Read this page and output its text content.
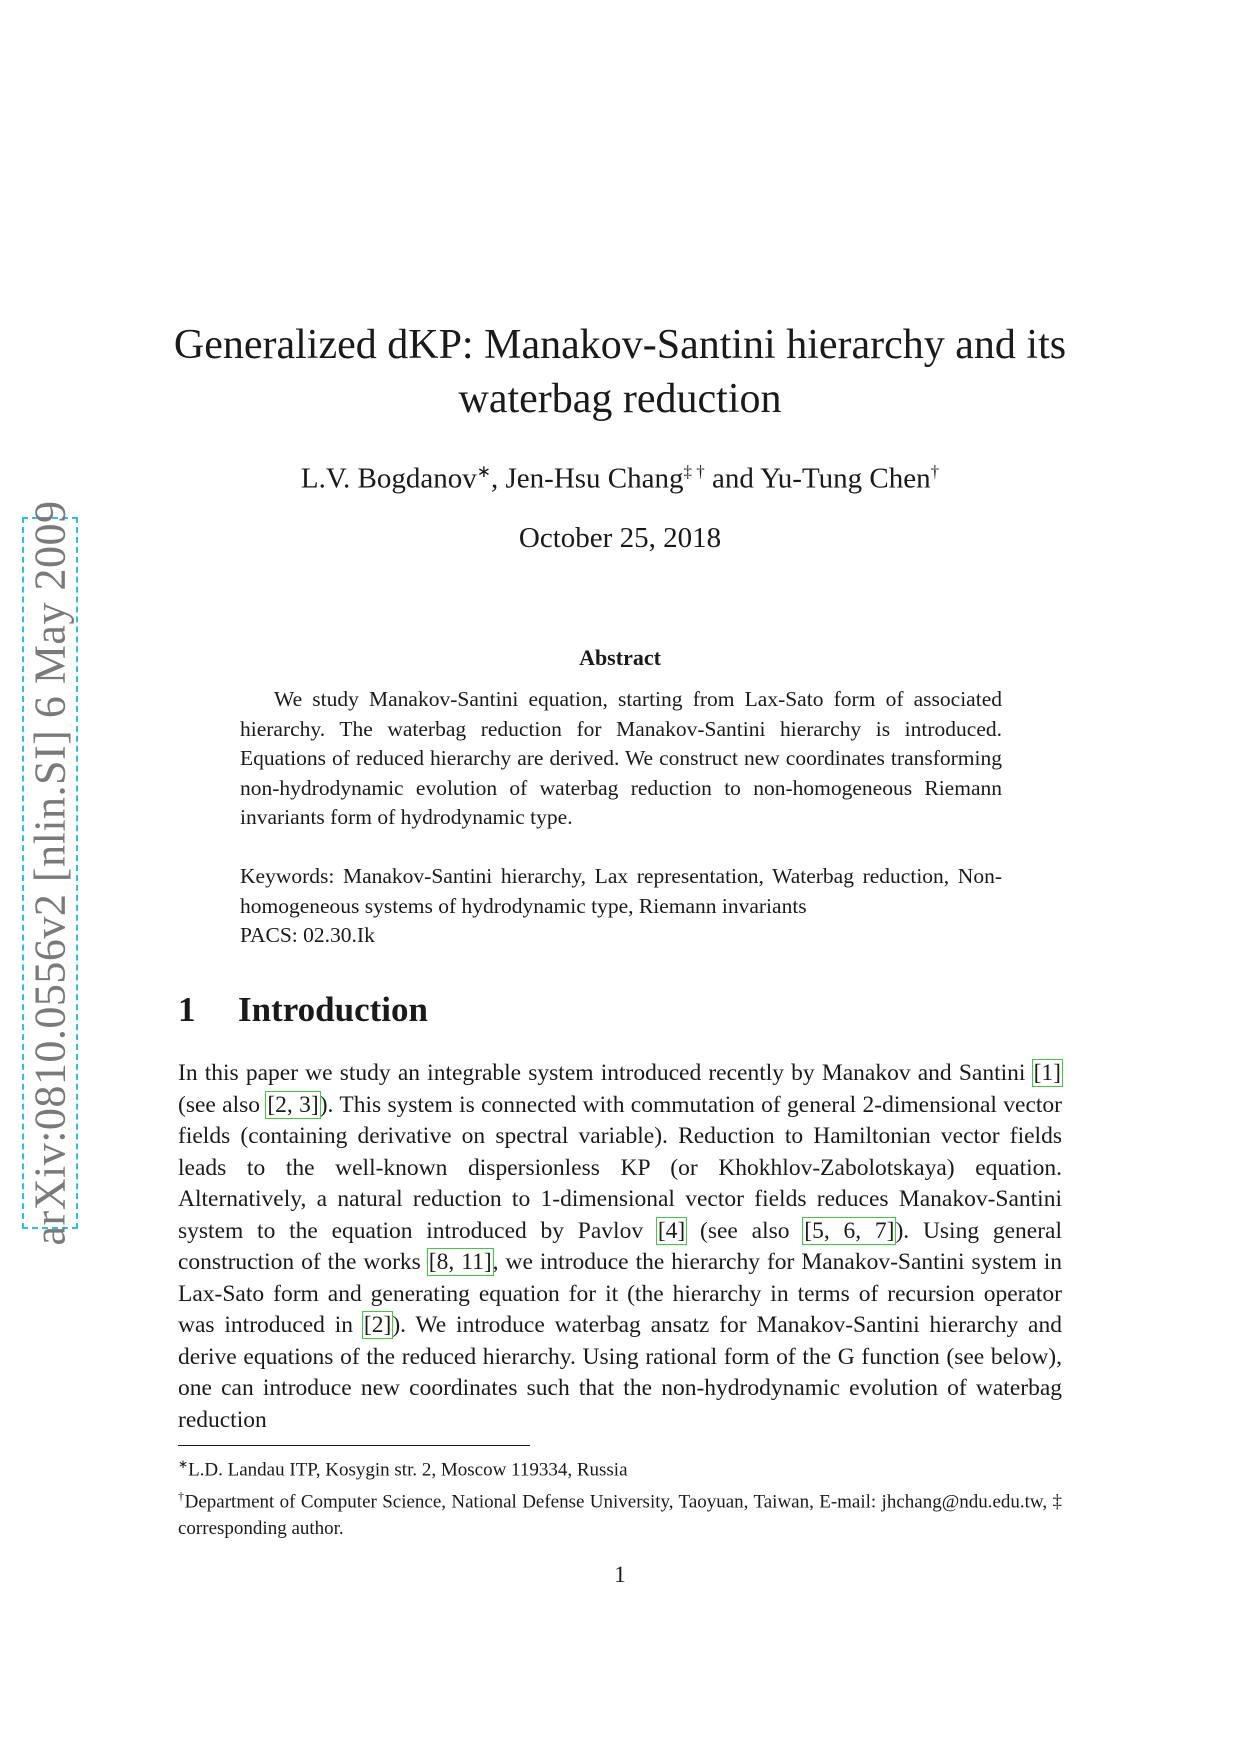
arXiv:0810.0556v2 [nlin.SI] 6 May 2009
Generalized dKP: Manakov-Santini hierarchy and its waterbag reduction
L.V. Bogdanov∗, Jen-Hsu Chang‡ † and Yu-Tung Chen†
October 25, 2018
Abstract

We study Manakov-Santini equation, starting from Lax-Sato form of associated hierarchy. The waterbag reduction for Manakov-Santini hierarchy is introduced. Equations of reduced hierarchy are derived. We construct new coordinates transforming non-hydrodynamic evolution of waterbag reduction to non-homogeneous Riemann invariants form of hydrodynamic type.

Keywords: Manakov-Santini hierarchy, Lax representation, Waterbag reduction, Non-homogeneous systems of hydrodynamic type, Riemann invariants

PACS: 02.30.Ik

1 Introduction

In this paper we study an integrable system introduced recently by Manakov and Santini [1] (see also [2, 3]). This system is connected with commutation of general 2-dimensional vector fields (containing derivative on spectral variable). Reduction to Hamiltonian vector fields leads to the well-known dispersionless KP (or Khokhlov-Zabolotskaya) equation. Alternatively, a natural reduction to 1-dimensional vector fields reduces Manakov-Santini system to the equation introduced by Pavlov [4] (see also [5, 6, 7]). Using general construction of the works [8, 11], we introduce the hierarchy for Manakov-Santini system in Lax-Sato form and generating equation for it (the hierarchy in terms of recursion operator was introduced in [2]). We introduce waterbag ansatz for Manakov-Santini hierarchy and derive equations of the reduced hierarchy. Using rational form of the G function (see below), one can introduce new coordinates such that the non-hydrodynamic evolution of waterbag reduction

∗L.D. Landau ITP, Kosygin str. 2, Moscow 119334, Russia

†Department of Computer Science, National Defense University, Taoyuan, Taiwan, E-mail: jhchang@ndu.edu.tw, ‡ corresponding author.

1
